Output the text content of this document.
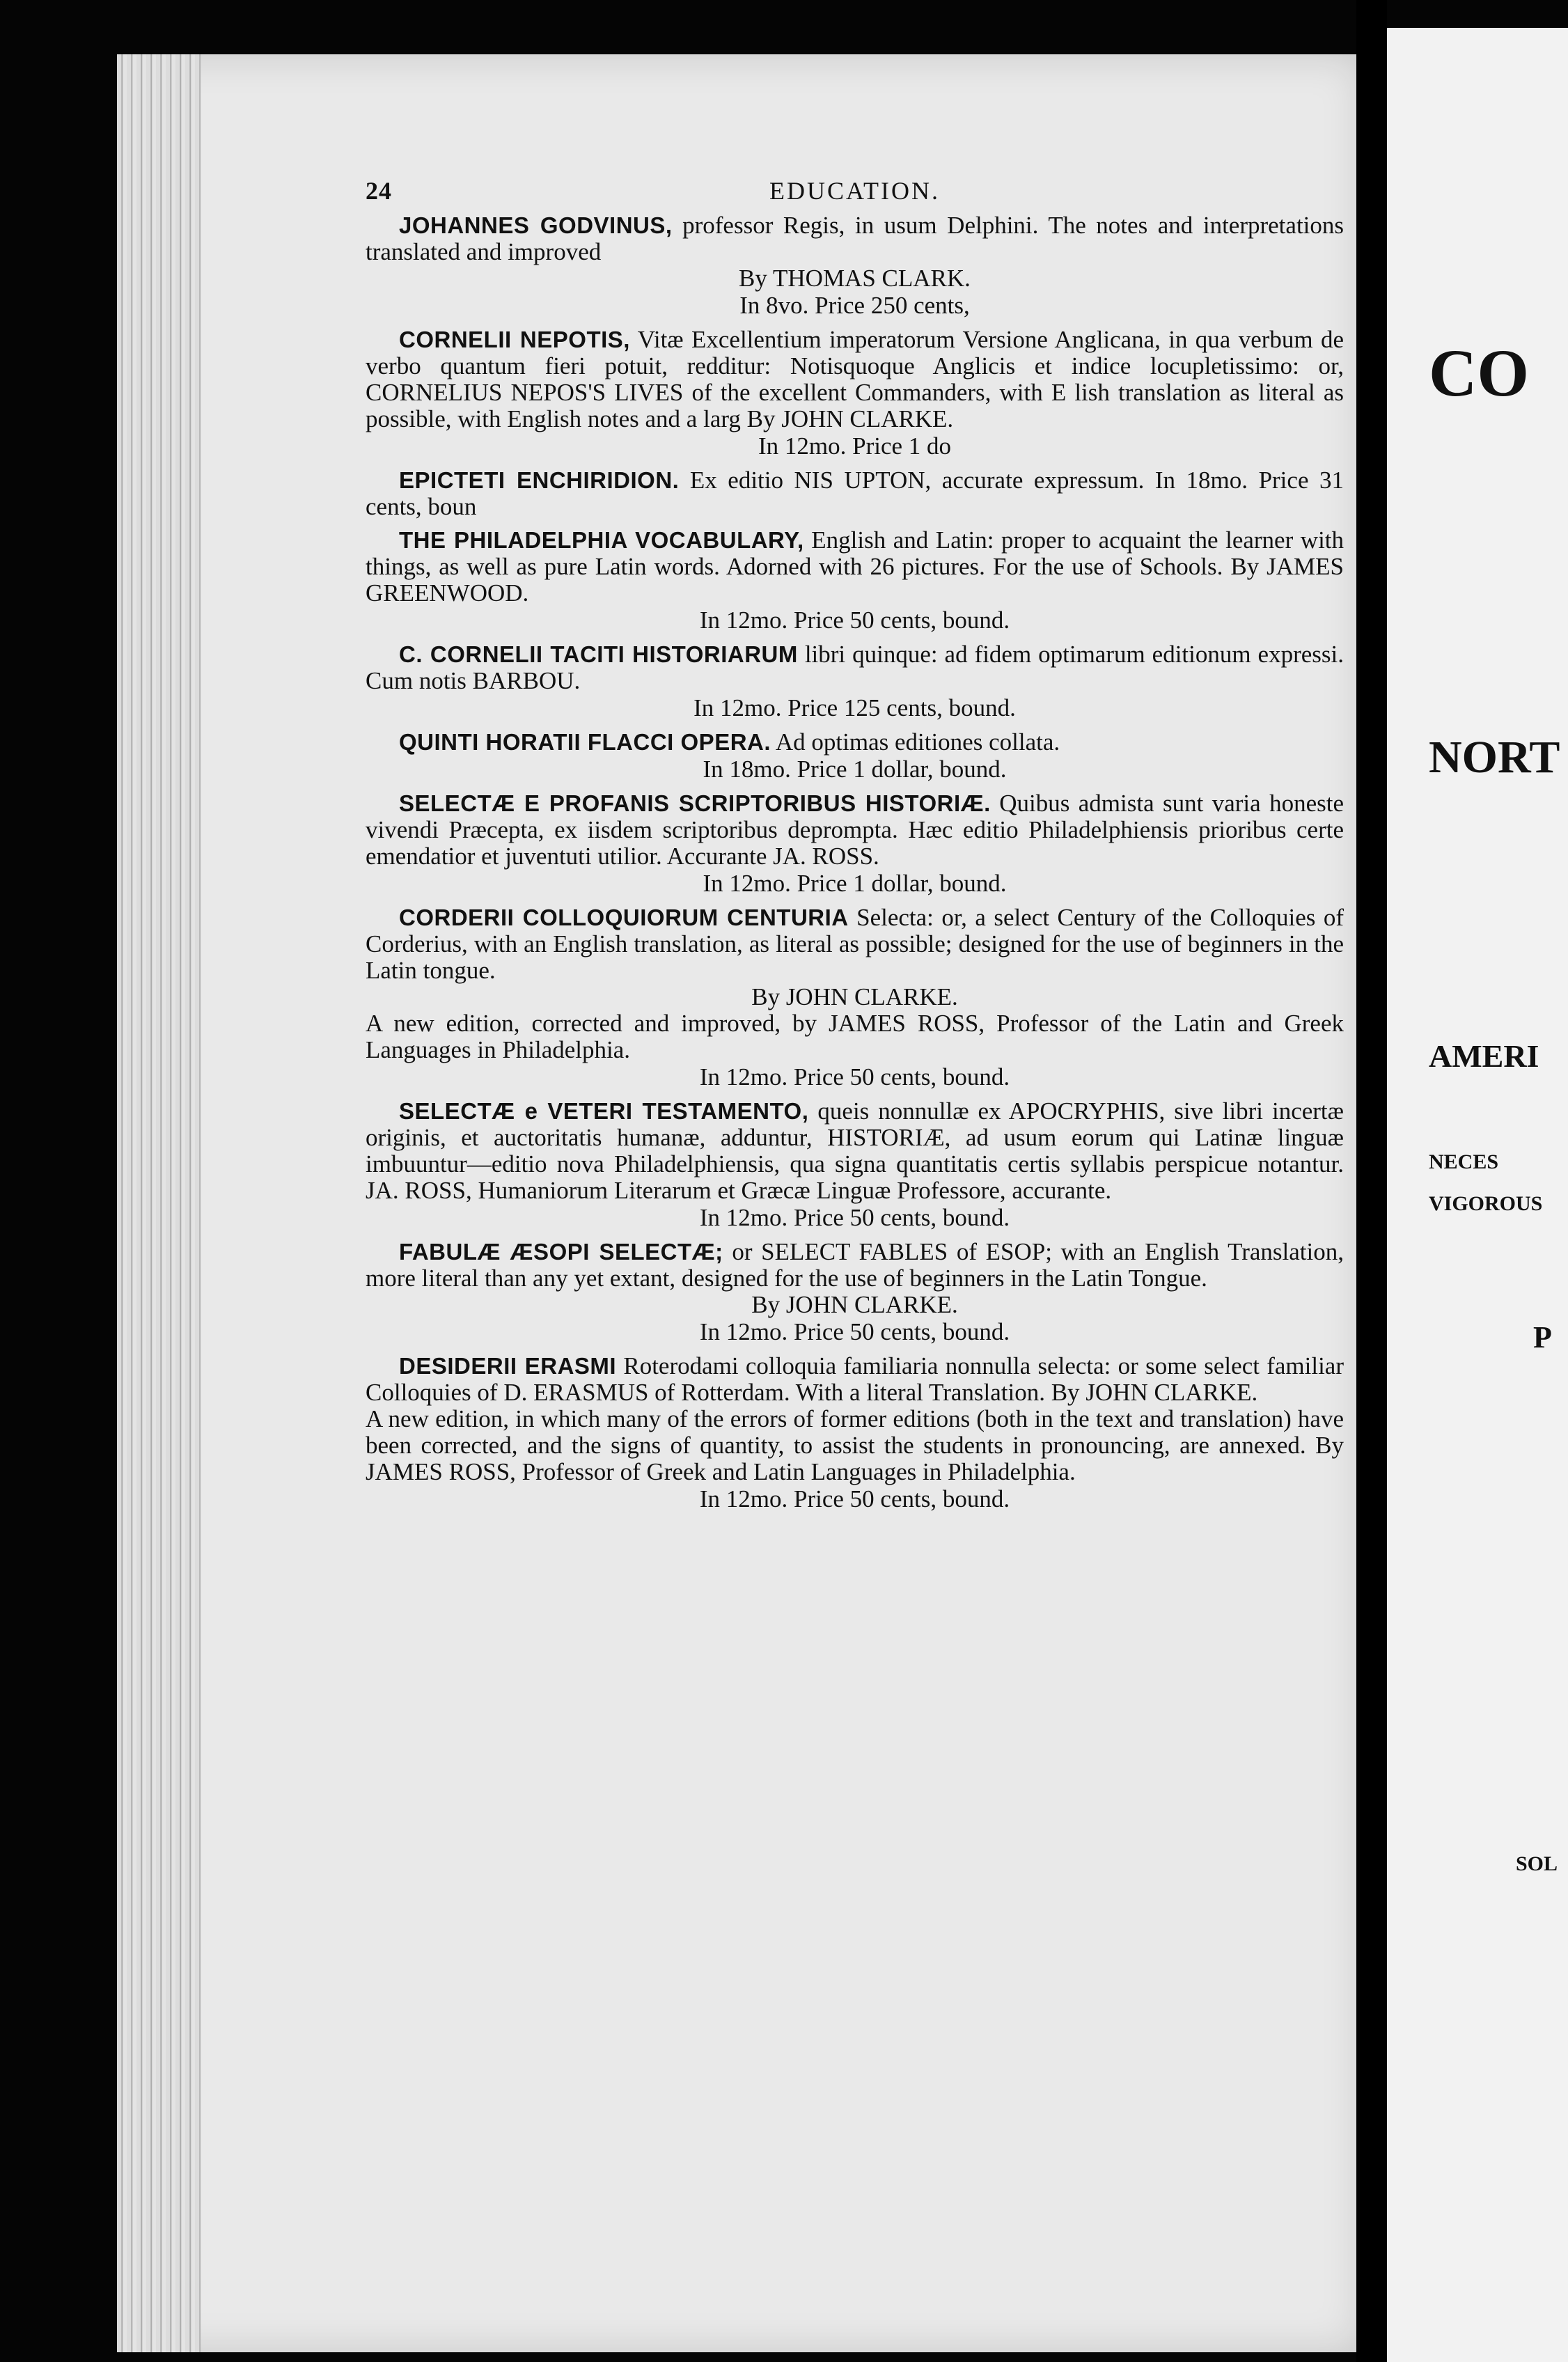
CO
NORT
AMERI
NECES
VIGOROUS
P
SOL
24	EDUCATION.
JOHANNES GODVINUS, professor Regis, in usum Delphini. The notes and interpretations translated and improved
By THOMAS CLARK.
In 8vo. Price 250 cents,
CORNELII NEPOTIS, Vitæ Excellentium imperatorum Versione Anglicana, in qua verbum de verbo quantum fieri potuit, redditur: Notisquoque Anglicis et indice locupletissimo: or, CORNELIUS NEPOS'S LIVES of the excellent Commanders, with E lish translation as literal as possible, with English notes and a larg By JOHN CLARKE.
In 12mo. Price 1 do
EPICTETI ENCHIRIDION. Ex editio NIS UPTON, accurate expressum. In 18mo. Price 31 cents, boun
THE PHILADELPHIA VOCABULARY, English and Latin: proper to acquaint the learner with things, as well as pure Latin words. Adorned with 26 pictures. For the use of Schools. By JAMES GREENWOOD.
In 12mo. Price 50 cents, bound.
C. CORNELII TACITI HISTORIARUM libri quinque: ad fidem optimarum editionum expressi. Cum notis BARBOU.
In 12mo. Price 125 cents, bound.
QUINTI HORATII FLACCI OPERA. Ad optimas editiones collata.
In 18mo. Price 1 dollar, bound.
SELECTÆ E PROFANIS SCRIPTORIBUS HISTORIÆ. Quibus admista sunt varia honeste vivendi Præcepta, ex iisdem scriptoribus deprompta. Hæc editio Philadelphiensis prioribus certe emendatior et juventuti utilior. Accurante JA. ROSS.
In 12mo. Price 1 dollar, bound.
CORDERII COLLOQUIORUM CENTURIA Selecta: or, a select Century of the Colloquies of Corderius, with an English translation, as literal as possible; designed for the use of beginners in the Latin tongue.
By JOHN CLARKE.
A new edition, corrected and improved, by JAMES ROSS, Professor of the Latin and Greek Languages in Philadelphia.
In 12mo. Price 50 cents, bound.
SELECTÆ e VETERI TESTAMENTO, queis nonnullæ ex APOCRYPHIS, sive libri incertæ originis, et auctoritatis humanæ, adduntur, HISTORIÆ, ad usum eorum qui Latinæ linguæ imbuuntur—editio nova Philadelphiensis, qua signa quantitatis certis syllabis perspicue notantur. JA. ROSS, Humaniorum Literarum et Græcæ Linguæ Professore, accurante.
In 12mo. Price 50 cents, bound.
FABULÆ ÆSOPI SELECTÆ; or SELECT FABLES of ESOP; with an English Translation, more literal than any yet extant, designed for the use of beginners in the Latin Tongue.
By JOHN CLARKE.
In 12mo. Price 50 cents, bound.
DESIDERII ERASMI Roterodami colloquia familiaria nonnulla selecta: or some select familiar Colloquies of D. ERASMUS of Rotterdam. With a literal Translation. By JOHN CLARKE.
A new edition, in which many of the errors of former editions (both in the text and translation) have been corrected, and the signs of quantity, to assist the students in pronouncing, are annexed. By JAMES ROSS, Professor of Greek and Latin Languages in Philadelphia.
In 12mo. Price 50 cents, bound.
